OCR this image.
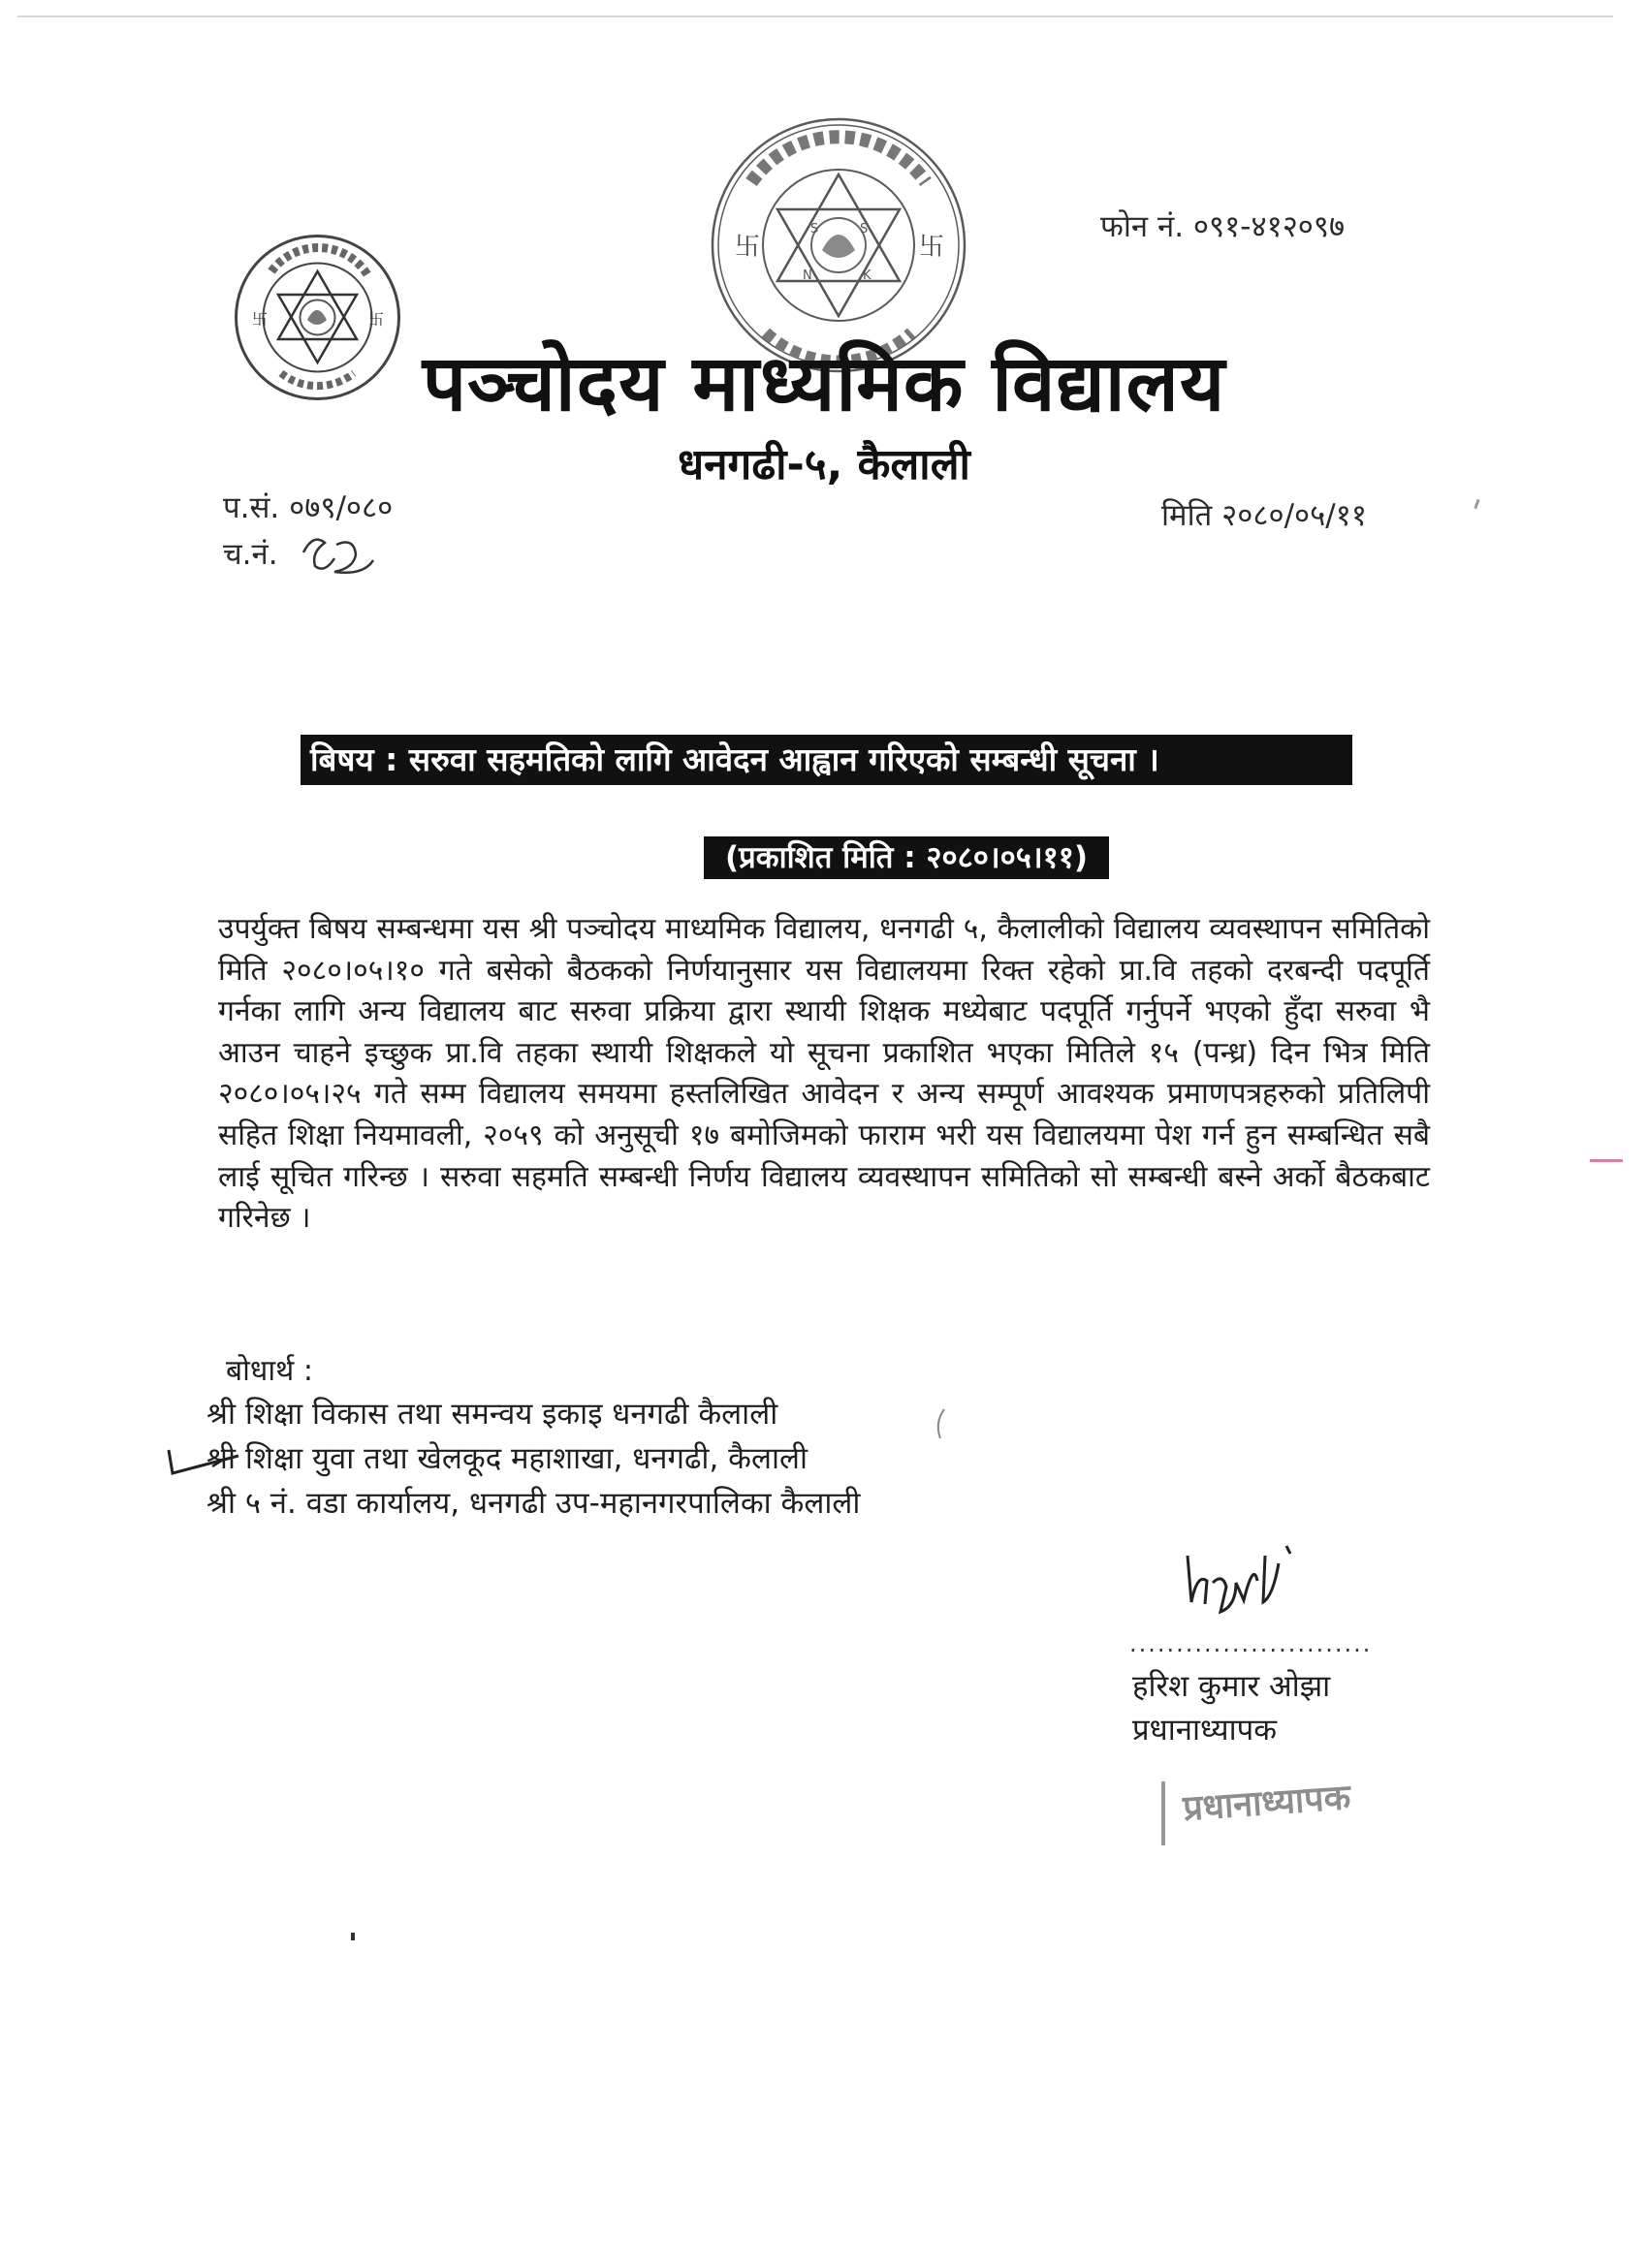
卐	卐
卐	卐
S	S
N	K
फोन नं. ०९१-४१२०९७
पञ्चोदय माध्यमिक विद्यालय
धनगढी-५, कैलाली
प.सं. ०७९/०८०	मिति २०८०/०५/११
च.नं.
बिषय : सरुवा सहमतिको लागि आवेदन आह्वान गरिएको सम्बन्धी सूचना ।
(प्रकाशित मिति : २०८०।०५।११)
उपर्युक्त बिषय सम्बन्धमा यस श्री पञ्चोदय माध्यमिक विद्यालय, धनगढी ५, कैलालीको विद्यालय व्यवस्थापन समितिको मिति २०८०।०५।१० गते बसेको बैठकको निर्णयानुसार यस विद्यालयमा रिक्त रहेको प्रा.वि तहको दरबन्दी पदपूर्ति गर्नका लागि अन्य विद्यालय बाट सरुवा प्रक्रिया द्वारा स्थायी शिक्षक मध्येबाट पदपूर्ति गर्नुपर्ने भएको हुँदा सरुवा भै आउन चाहने इच्छुक प्रा.वि तहका स्थायी शिक्षकले यो सूचना प्रकाशित भएका मितिले १५ (पन्ध्र) दिन भित्र मिति २०८०।०५।२५ गते सम्म विद्यालय समयमा हस्तलिखित आवेदन र अन्य सम्पूर्ण आवश्यक प्रमाणपत्रहरुको प्रतिलिपी सहित शिक्षा नियमावली, २०५९ को अनुसूची १७ बमोजिमको फाराम भरी यस विद्यालयमा पेश गर्न हुन सम्बन्धित सबै लाई सूचित गरिन्छ । सरुवा सहमति सम्बन्धी निर्णय विद्यालय व्यवस्थापन समितिको सो सम्बन्धी बस्ने अर्को बैठकबाट गरिनेछ ।
बोधार्थ :
श्री शिक्षा विकास तथा समन्वय इकाइ धनगढी कैलाली
श्री शिक्षा युवा तथा खेलकूद महाशाखा, धनगढी, कैलाली
श्री ५ नं. वडा कार्यालय, धनगढी उप-महानगरपालिका कैलाली
..........................
हरिश कुमार ओझा
प्रधानाध्यापक
प्रधानाध्यापक
